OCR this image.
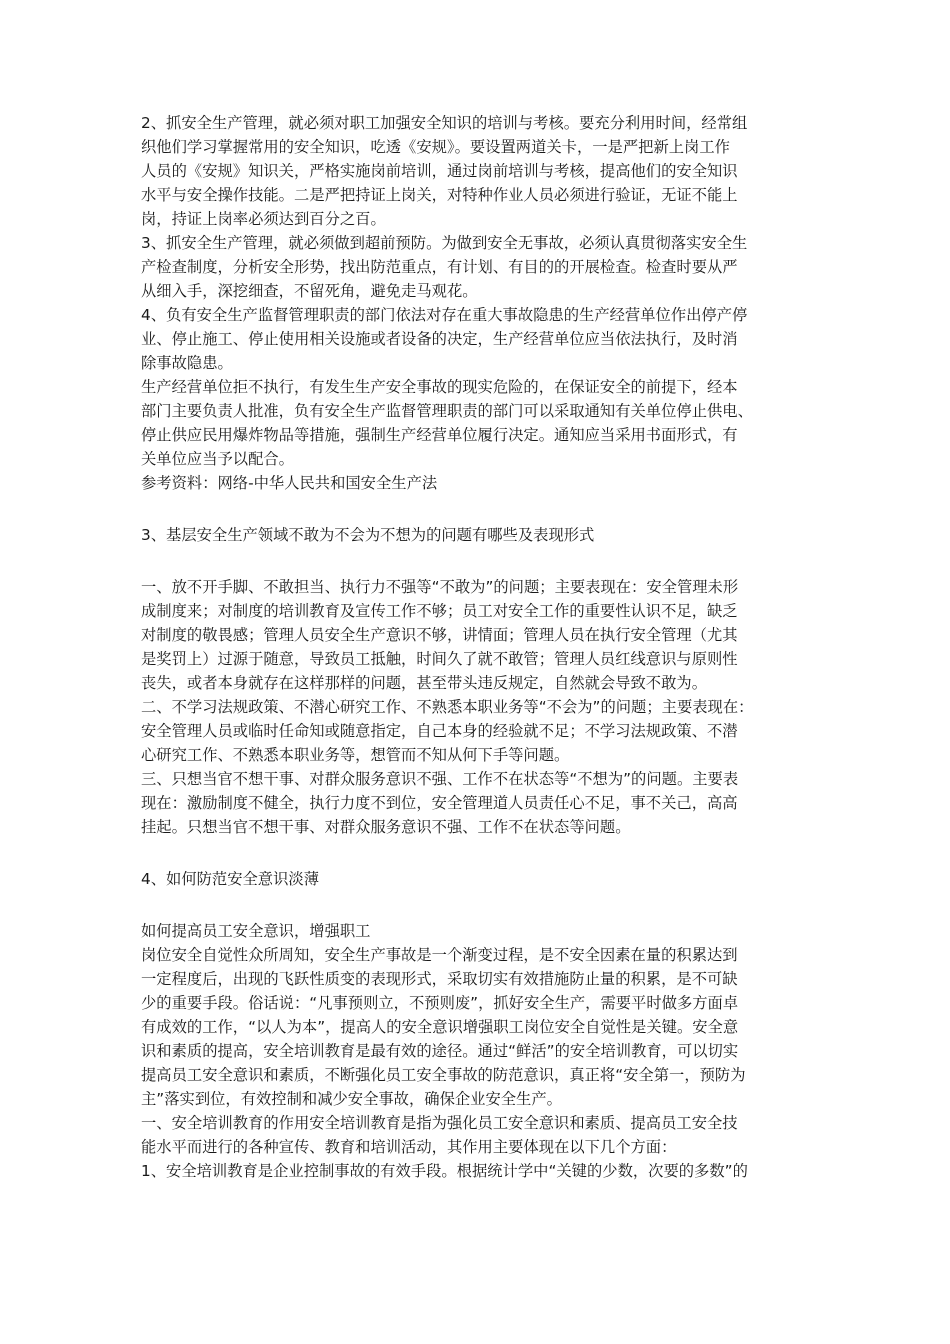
2、抓安全生产管理，就必须对职工加强安全知识的培训与考核。要充分利用时间，经常组
织他们学习掌握常用的安全知识，吃透《安规》。要设置两道关卡，一是严把新上岗工作
人员的《安规》知识关，严格实施岗前培训，通过岗前培训与考核，提高他们的安全知识
水平与安全操作技能。二是严把持证上岗关，对特种作业人员必须进行验证，无证不能上
岗，持证上岗率必须达到百分之百。
3、抓安全生产管理，就必须做到超前预防。为做到安全无事故，必须认真贯彻落实安全生
产检查制度，分析安全形势，找出防范重点，有计划、有目的的开展检查。检查时要从严
从细入手，深挖细查，不留死角，避免走马观花。
4、负有安全生产监督管理职责的部门依法对存在重大事故隐患的生产经营单位作出停产停
业、停止施工、停止使用相关设施或者设备的决定，生产经营单位应当依法执行，及时消
除事故隐患。
生产经营单位拒不执行，有发生生产安全事故的现实危险的，在保证安全的前提下，经本
部门主要负责人批准，负有安全生产监督管理职责的部门可以采取通知有关单位停止供电、
停止供应民用爆炸物品等措施，强制生产经营单位履行决定。通知应当采用书面形式，有
关单位应当予以配合。
参考资料：网络-中华人民共和国安全生产法
3、基层安全生产领域不敢为不会为不想为的问题有哪些及表现形式
一、放不开手脚、不敢担当、执行力不强等“不敢为”的问题；主要表现在：安全管理未形
成制度来；对制度的培训教育及宣传工作不够；员工对安全工作的重要性认识不足，缺乏
对制度的敬畏感；管理人员安全生产意识不够，讲情面；管理人员在执行安全管理（尤其
是奖罚上）过源于随意，导致员工抵触，时间久了就不敢管；管理人员红线意识与原则性
丧失，或者本身就存在这样那样的问题，甚至带头违反规定，自然就会导致不敢为。
二、不学习法规政策、不潜心研究工作、不熟悉本职业务等“不会为”的问题；主要表现在：
安全管理人员或临时任命知或随意指定，自己本身的经验就不足；不学习法规政策、不潜
心研究工作、不熟悉本职业务等，想管而不知从何下手等问题。
三、只想当官不想干事、对群众服务意识不强、工作不在状态等“不想为”的问题。主要表
现在：激励制度不健全，执行力度不到位，安全管理道人员责任心不足，事不关己，高高
挂起。只想当官不想干事、对群众服务意识不强、工作不在状态等问题。
4、如何防范安全意识淡薄
如何提高员工安全意识，增强职工
岗位安全自觉性众所周知，安全生产事故是一个渐变过程，是不安全因素在量的积累达到
一定程度后，出现的飞跃性质变的表现形式，采取切实有效措施防止量的积累，是不可缺
少的重要手段。俗话说：“凡事预则立，不预则废”，抓好安全生产，需要平时做多方面卓
有成效的工作，“以人为本”，提高人的安全意识增强职工岗位安全自觉性是关键。安全意
识和素质的提高，安全培训教育是最有效的途径。通过“鲜活”的安全培训教育，可以切实
提高员工安全意识和素质，不断强化员工安全事故的防范意识，真正将“安全第一，预防为
主”落实到位，有效控制和减少安全事故，确保企业安全生产。
一、安全培训教育的作用安全培训教育是指为强化员工安全意识和素质、提高员工安全技
能水平而进行的各种宣传、教育和培训活动，其作用主要体现在以下几个方面：
1、安全培训教育是企业控制事故的有效手段。根据统计学中“关键的少数，次要的多数”的
